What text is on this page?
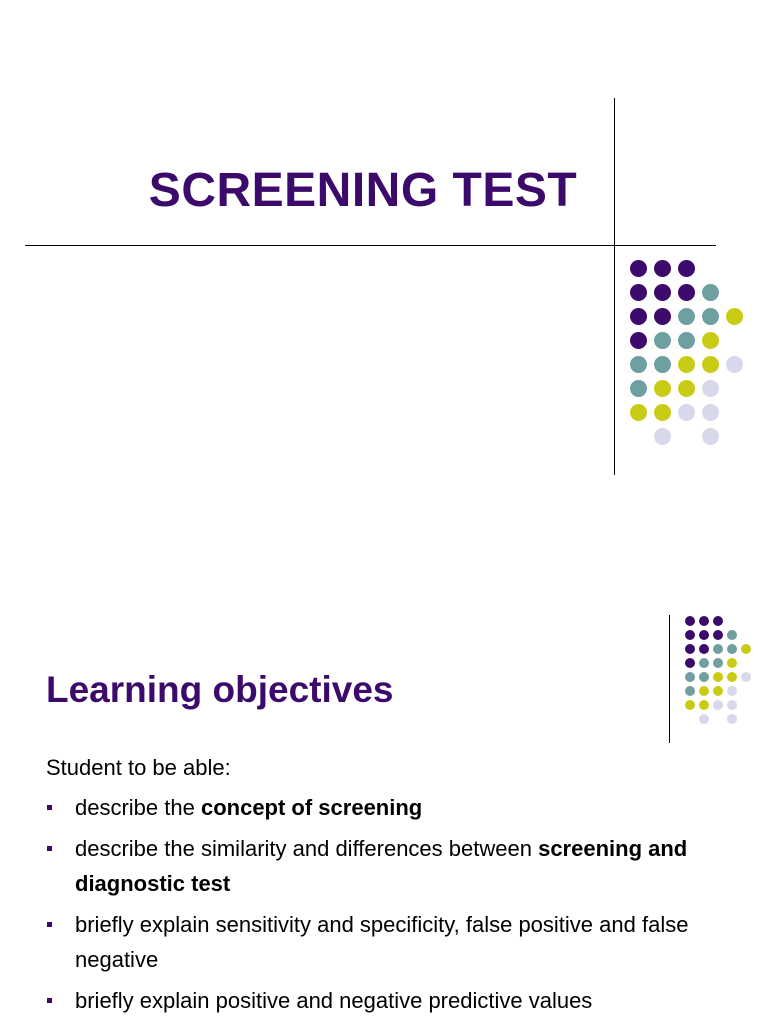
SCREENING TEST
Learning objectives
Student to be able:
describe the concept of screening
describe the similarity and differences between screening and diagnostic test
briefly explain sensitivity and specificity, false positive and false negative
briefly explain positive and negative predictive values
